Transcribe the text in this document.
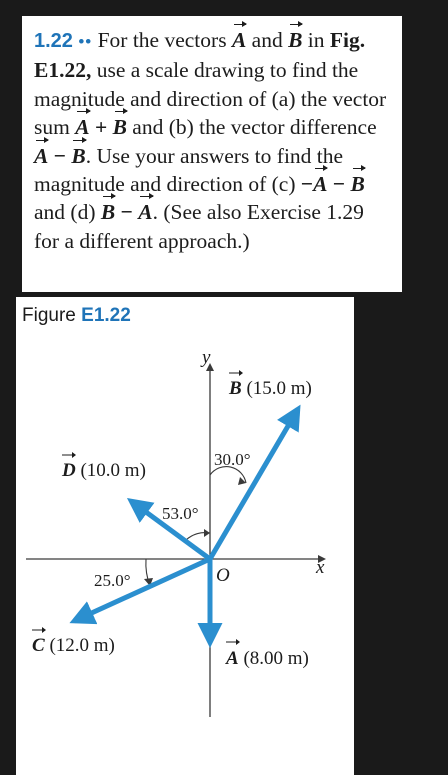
1.22 •• For the vectors A and B in Fig. E1.22, use a scale drawing to find the magnitude and direction of (a) the vector sum A + B and (b) the vector difference A − B. Use your answers to find the magnitude and direction of (c) −A − B and (d) B − A. (See also Exercise 1.29 for a different approach.)
Figure E1.22
x
y
O
30.0°
53.0°
25.0°
B (15.0 m)
D (10.0 m)
C (12.0 m)
A (8.00 m)
